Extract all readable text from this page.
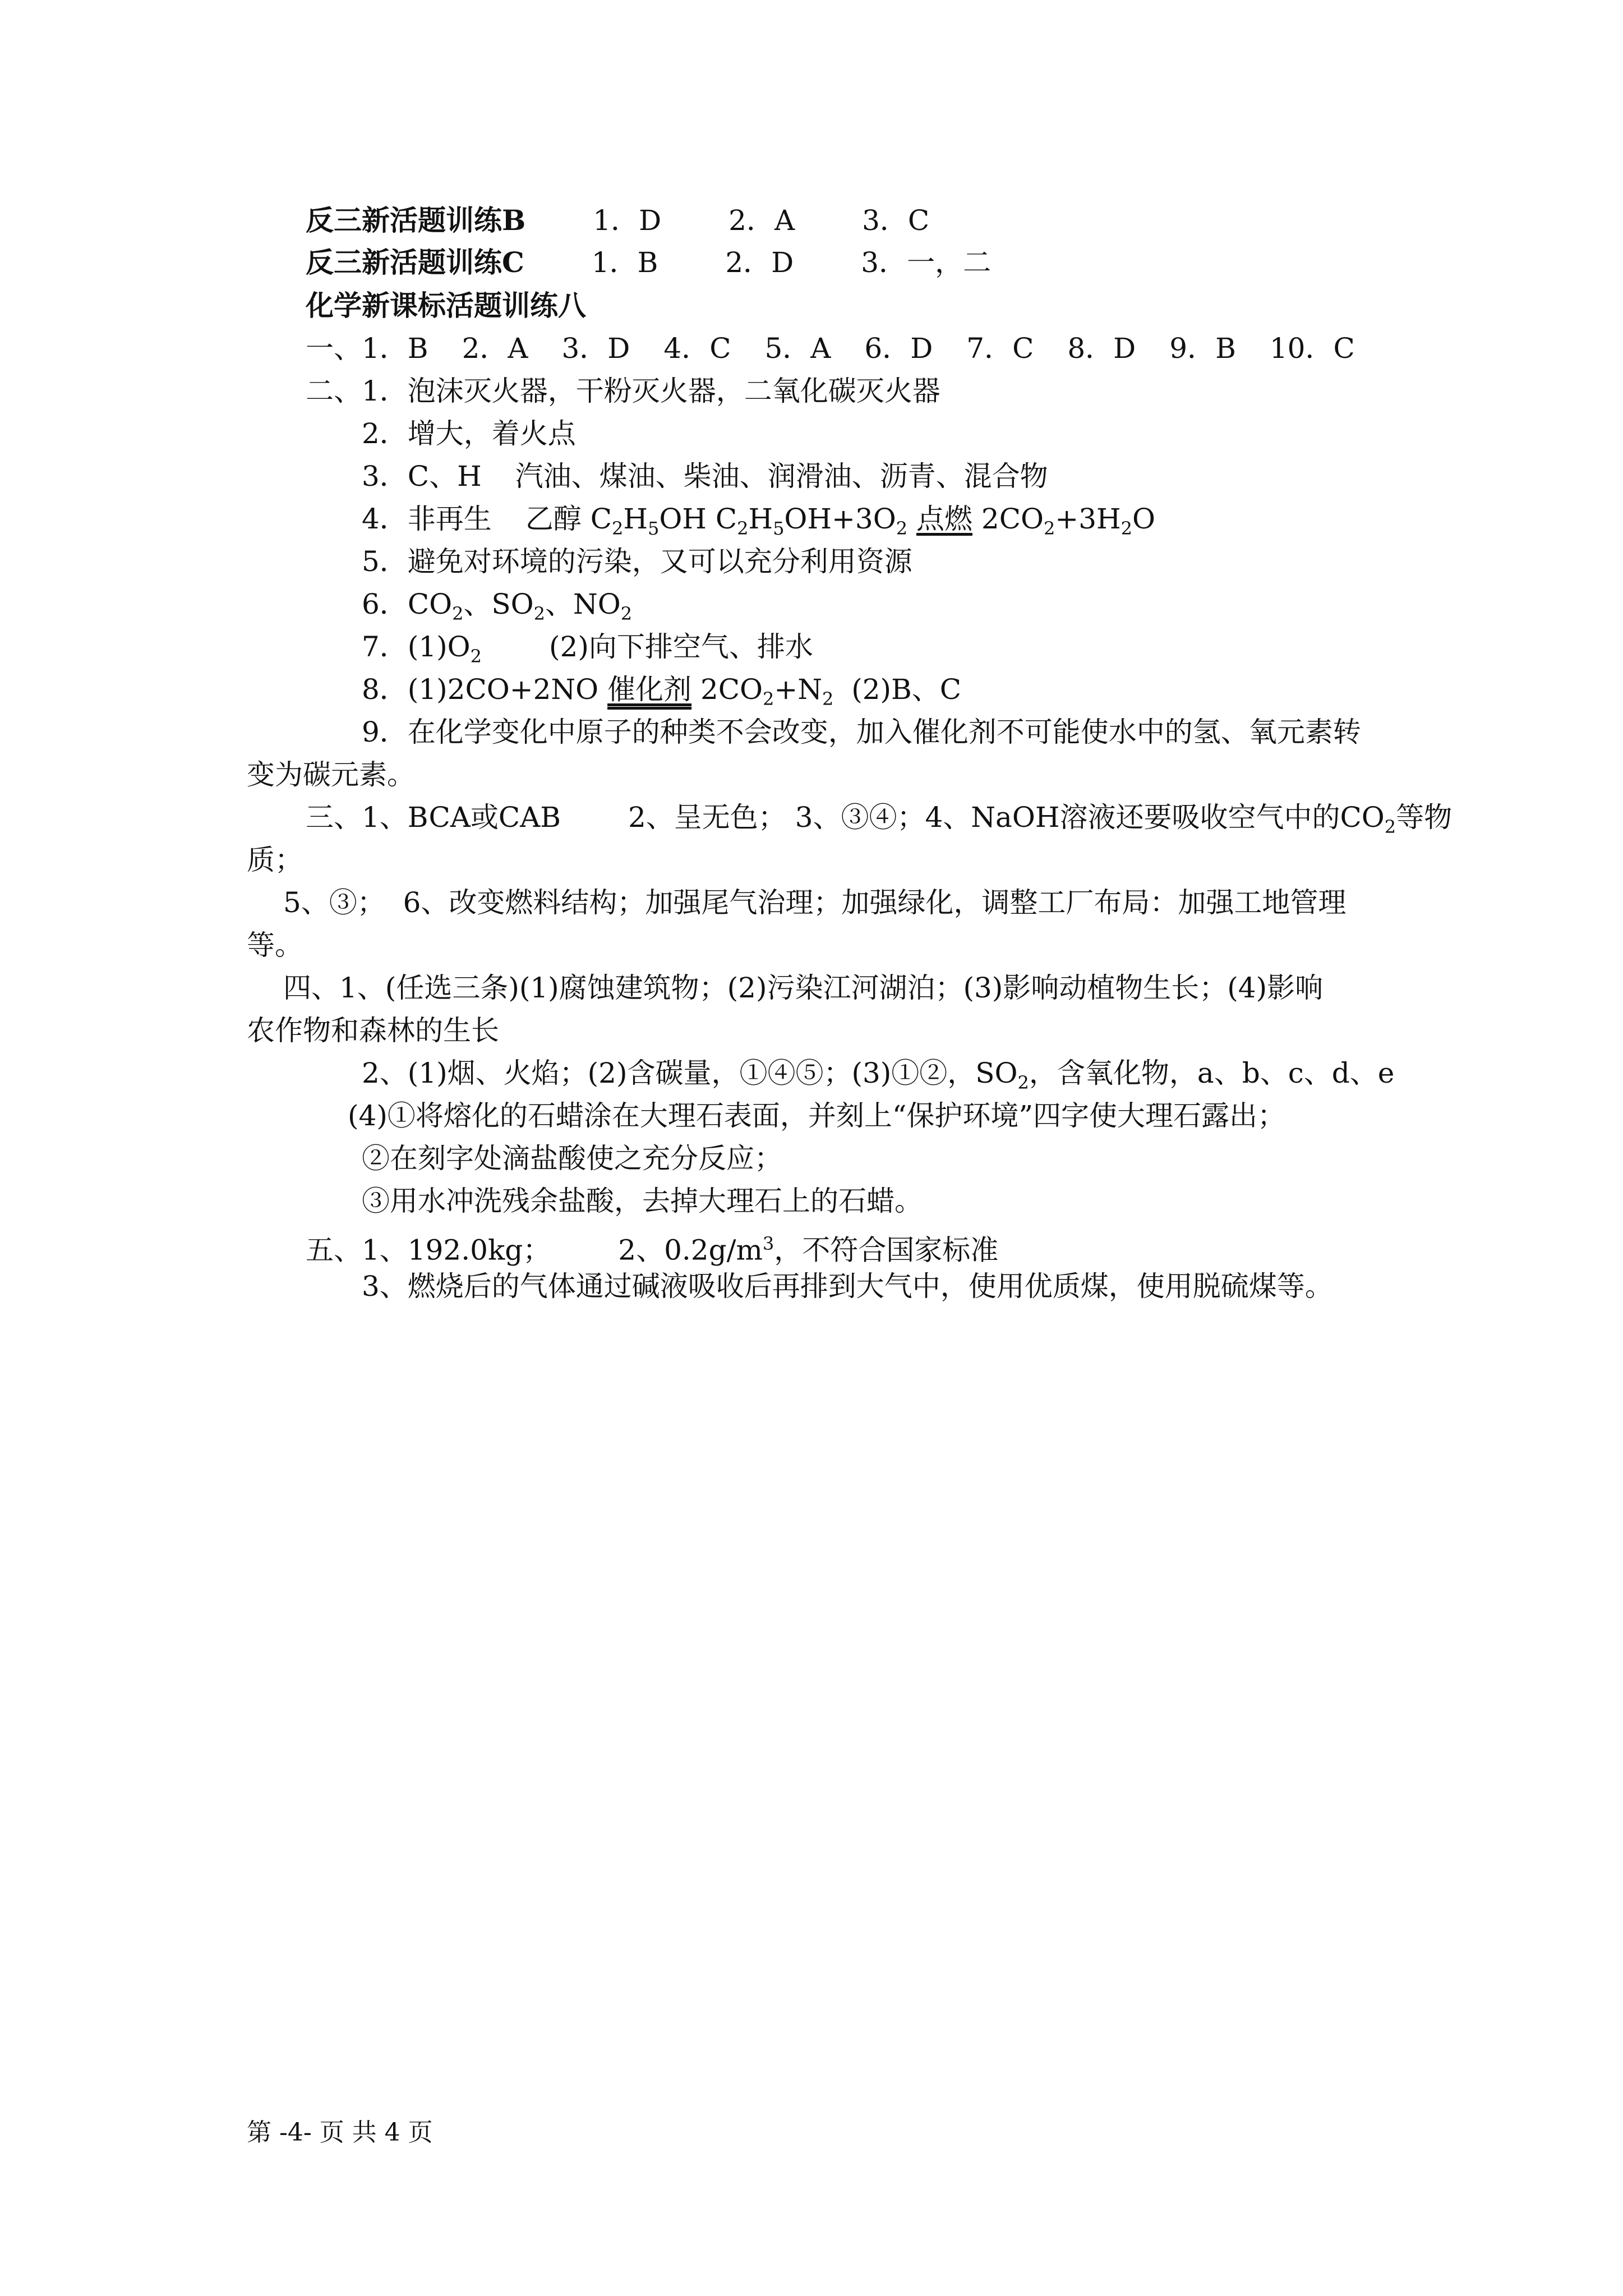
反三新活题训练B 1．D 2．A 3．C
反三新活题训练C 1．B 2．D 3．一，二
化学新课标活题训练八
一、1．B 2．A 3．D 4．C 5．A 6．D 7．C 8．D 9．B 10．C
二、1．泡沫灭火器，干粉灭火器，二氧化碳灭火器
2．增大，着火点
3．C、H 汽油、煤油、柴油、润滑油、沥青、混合物
4．非再生 乙醇 $C_2H_5OH$ $C_2H_5OH+3O_2$ 点燃 $2CO_2+3H_2O$
5．避免对环境的污染，又可以充分利用资源
6．$CO_2$、$SO_2$、$NO_2$
7．$(1)O_2$ (2)向下排空气、排水
8．(1)2CO+2NO 催化剂 $2CO_2+N_2$ (2)B、C
9．在化学变化中原子的种类不会改变，加入催化剂不可能使水中的氢、氧元素转
变为碳元素。
三、1、BCA或CAB 2、呈无色； 3、③④；4、NaOH溶液还要吸收空气中的$CO_2$等物
质；
5、③； 6、改变燃料结构；加强尾气治理；加强绿化，调整工厂布局：加强工地管理
等。
四、1、(任选三条)(1)腐蚀建筑物；(2)污染江河湖泊；(3)影响动植物生长；(4)影响
农作物和森林的生长
2、(1)烟、火焰；(2)含碳量，①④⑤；(3)①②，$SO_2$，含氧化物，a、b、c、d、e
(4)①将熔化的石蜡涂在大理石表面，并刻上“保护环境”四字使大理石露出；
②在刻字处滴盐酸使之充分反应；
③用水冲洗残余盐酸，去掉大理石上的石蜡。
五、1、192.0kg； 2、$0.2g/m^3$，不符合国家标准
3、燃烧后的气体通过碱液吸收后再排到大气中，使用优质煤，使用脱硫煤等。
第 -4- 页 共 4 页
